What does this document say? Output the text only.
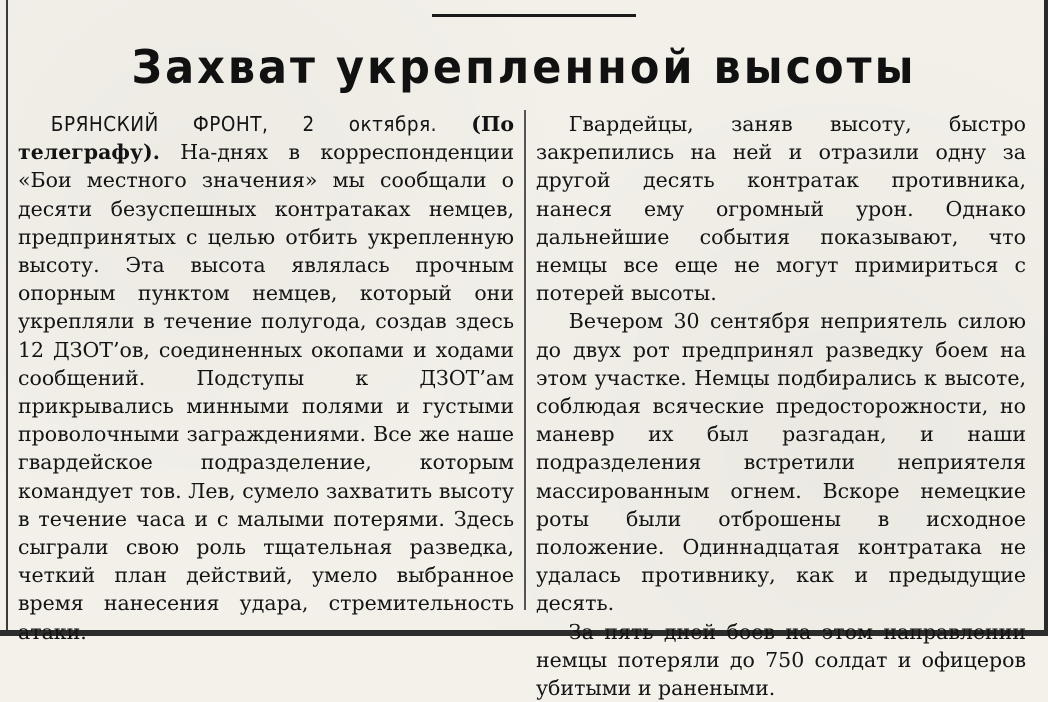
Захват укрепленной высоты

БРЯНСКИЙ ФРОНТ, 2 октября. (По телеграфу). На-днях в корреспонденции «Бои местного значения» мы сообщали о десяти безуспешных контратаках немцев, предпринятых с целью отбить укрепленную высоту. Эта высота являлась прочным опорным пунктом немцев, который они укрепляли в течение полугода, создав здесь 12 ДЗОТ’ов, соединенных окопами и ходами сообщений. Подступы к ДЗОТ’ам прикрывались минными полями и густыми проволочными заграждениями. Все же наше гвардейское подразделение, которым командует тов. Лев, сумело захватить высоту в течение часа и с малыми потерями. Здесь сыграли свою роль тщательная разведка, четкий план действий, умело выбранное время нанесения удара, стремительность атаки.

Гвардейцы, заняв высоту, быстро закрепились на ней и отразили одну за другой десять контратак противника, нанеся ему огромный урон. Однако дальнейшие события показывают, что немцы все еще не могут примириться с потерей высоты.

Вечером 30 сентября неприятель силою до двух рот предпринял разведку боем на этом участке. Немцы подбирались к высоте, соблюдая всяческие предосторожности, но маневр их был разгадан, и наши подразделения встретили неприятеля массированным огнем. Вскоре немецкие роты были отброшены в исходное положение. Одиннадцатая контратака не удалась противнику, как и предыдущие десять.

За пять дней боев на этом направлении немцы потеряли до 750 солдат и офицеров убитыми и ранеными.
